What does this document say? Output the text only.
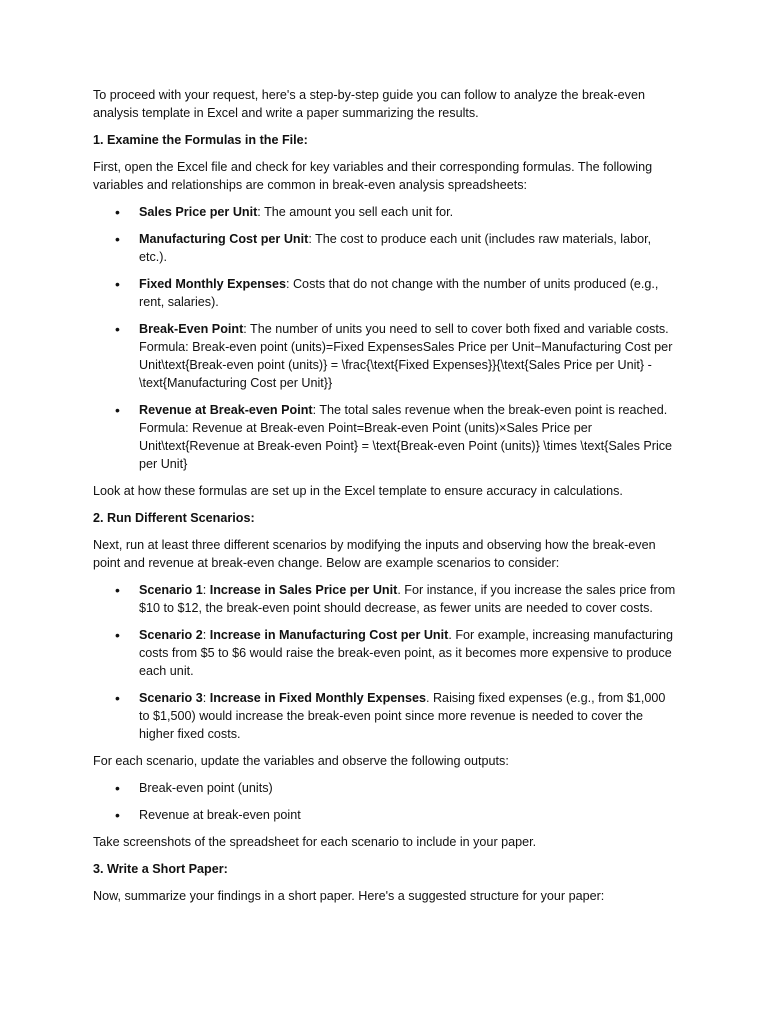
To proceed with your request, here's a step-by-step guide you can follow to analyze the break-even analysis template in Excel and write a paper summarizing the results.

1. Examine the Formulas in the File:

First, open the Excel file and check for key variables and their corresponding formulas. The following variables and relationships are common in break-even analysis spreadsheets:

• Sales Price per Unit: The amount you sell each unit for.
• Manufacturing Cost per Unit: The cost to produce each unit (includes raw materials, labor, etc.).
• Fixed Monthly Expenses: Costs that do not change with the number of units produced (e.g., rent, salaries).
• Break-Even Point: The number of units you need to sell to cover both fixed and variable costs. Formula: Break-even point (units)=Fixed ExpensesSales Price per Unit−Manufacturing Cost per Unit\text{Break-even point (units)} = \frac{\text{Fixed Expenses}}{\text{Sales Price per Unit} - \text{Manufacturing Cost per Unit}}
• Revenue at Break-even Point: The total sales revenue when the break-even point is reached. Formula: Revenue at Break-even Point=Break-even Point (units)×Sales Price per Unit\text{Revenue at Break-even Point} = \text{Break-even Point (units)} \times \text{Sales Price per Unit}

Look at how these formulas are set up in the Excel template to ensure accuracy in calculations.

2. Run Different Scenarios:

Next, run at least three different scenarios by modifying the inputs and observing how the break-even point and revenue at break-even change. Below are example scenarios to consider:

• Scenario 1: Increase in Sales Price per Unit. For instance, if you increase the sales price from $10 to $12, the break-even point should decrease, as fewer units are needed to cover costs.
• Scenario 2: Increase in Manufacturing Cost per Unit. For example, increasing manufacturing costs from $5 to $6 would raise the break-even point, as it becomes more expensive to produce each unit.
• Scenario 3: Increase in Fixed Monthly Expenses. Raising fixed expenses (e.g., from $1,000 to $1,500) would increase the break-even point since more revenue is needed to cover the higher fixed costs.

For each scenario, update the variables and observe the following outputs:

• Break-even point (units)
• Revenue at break-even point

Take screenshots of the spreadsheet for each scenario to include in your paper.

3. Write a Short Paper:

Now, summarize your findings in a short paper. Here's a suggested structure for your paper:
